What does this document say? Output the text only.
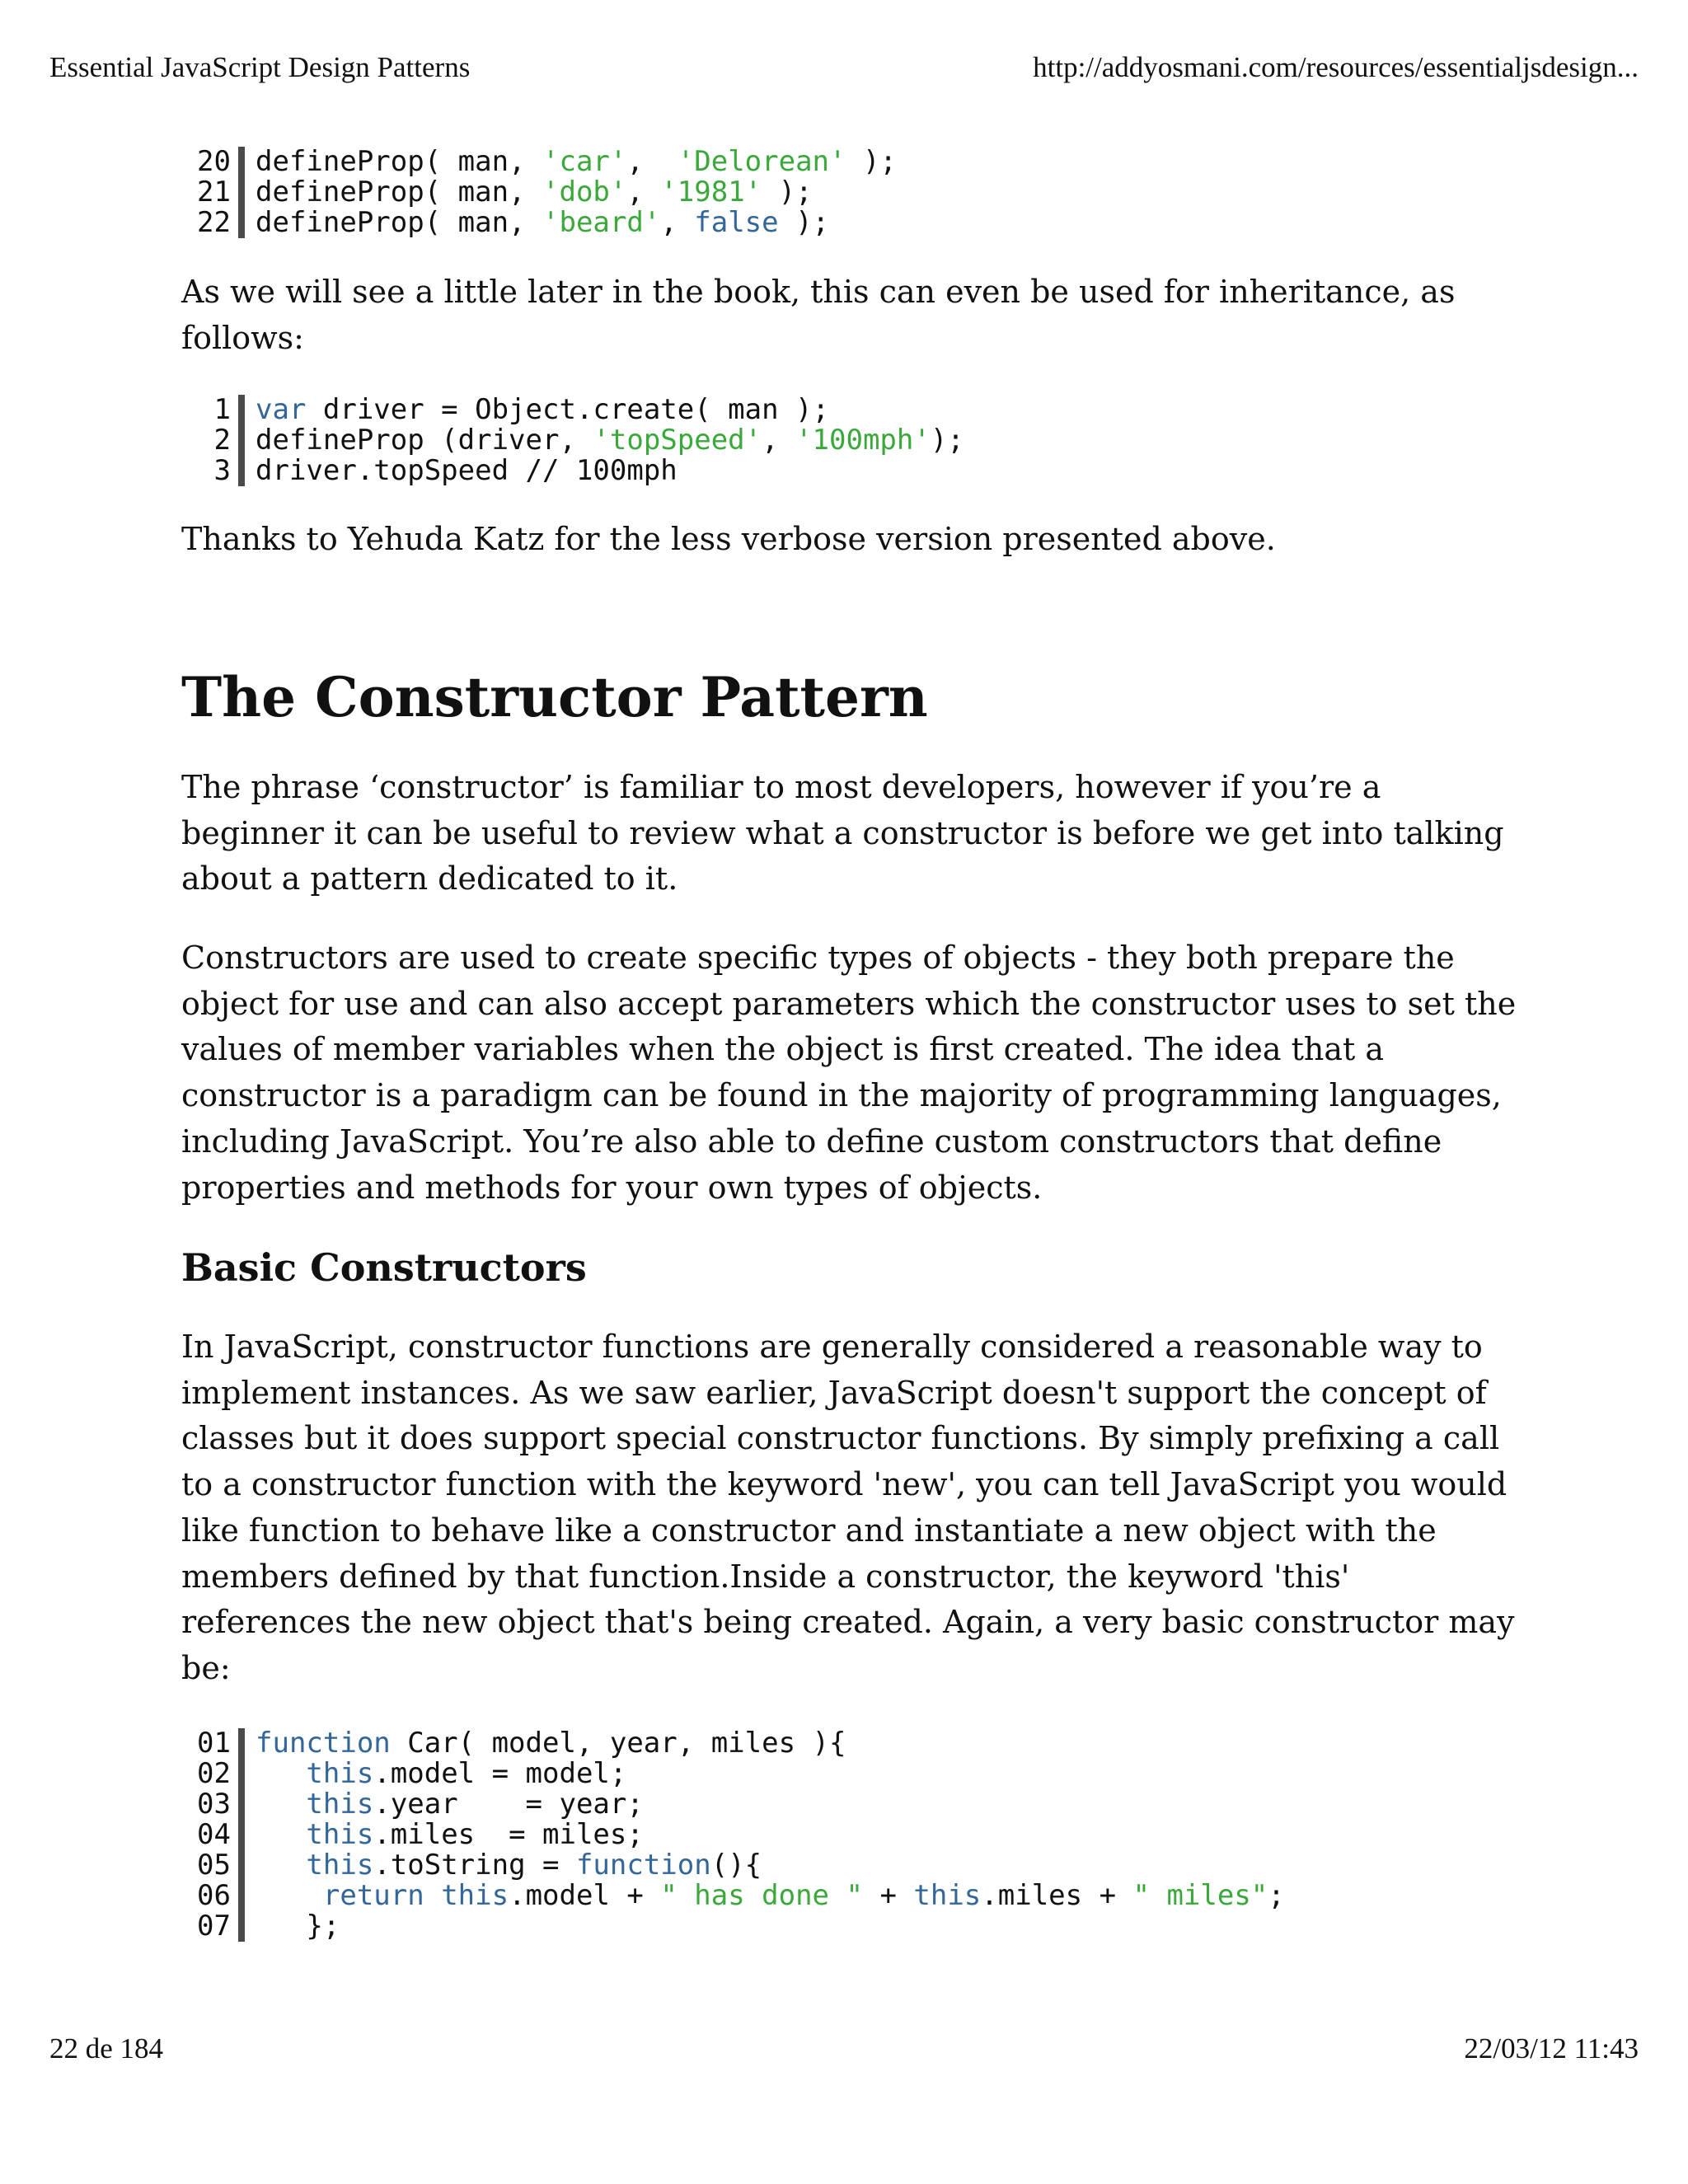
Essential JavaScript Design Patterns	http://addyosmani.com/resources/essentialjsdesign...
20 defineProp( man, 'car',  'Delorean' );
21 defineProp( man, 'dob', '1981' );
22 defineProp( man, 'beard', false );

As we will see a little later in the book, this can even be used for inheritance, as follows:

1 var driver = Object.create( man );
2 defineProp (driver, 'topSpeed', '100mph');
3 driver.topSpeed // 100mph

Thanks to Yehuda Katz for the less verbose version presented above.

The Constructor Pattern

The phrase ‘constructor’ is familiar to most developers, however if you’re a beginner it can be useful to review what a constructor is before we get into talking about a pattern dedicated to it.

Constructors are used to create specific types of objects - they both prepare the object for use and can also accept parameters which the constructor uses to set the values of member variables when the object is first created. The idea that a constructor is a paradigm can be found in the majority of programming languages, including JavaScript. You’re also able to define custom constructors that define properties and methods for your own types of objects.

Basic Constructors

In JavaScript, constructor functions are generally considered a reasonable way to implement instances. As we saw earlier, JavaScript doesn't support the concept of classes but it does support special constructor functions. By simply prefixing a call to a constructor function with the keyword 'new', you can tell JavaScript you would like function to behave like a constructor and instantiate a new object with the members defined by that function.Inside a constructor, the keyword 'this' references the new object that's being created. Again, a very basic constructor may be:

01 function Car( model, year, miles ){
02	this.model = model;
03	this.year    = year;
04	this.miles  = miles;
05	this.toString = function(){
06	return this.model + " has done " + this.miles + " miles";
07 };
22 de 184	22/03/12 11:43
